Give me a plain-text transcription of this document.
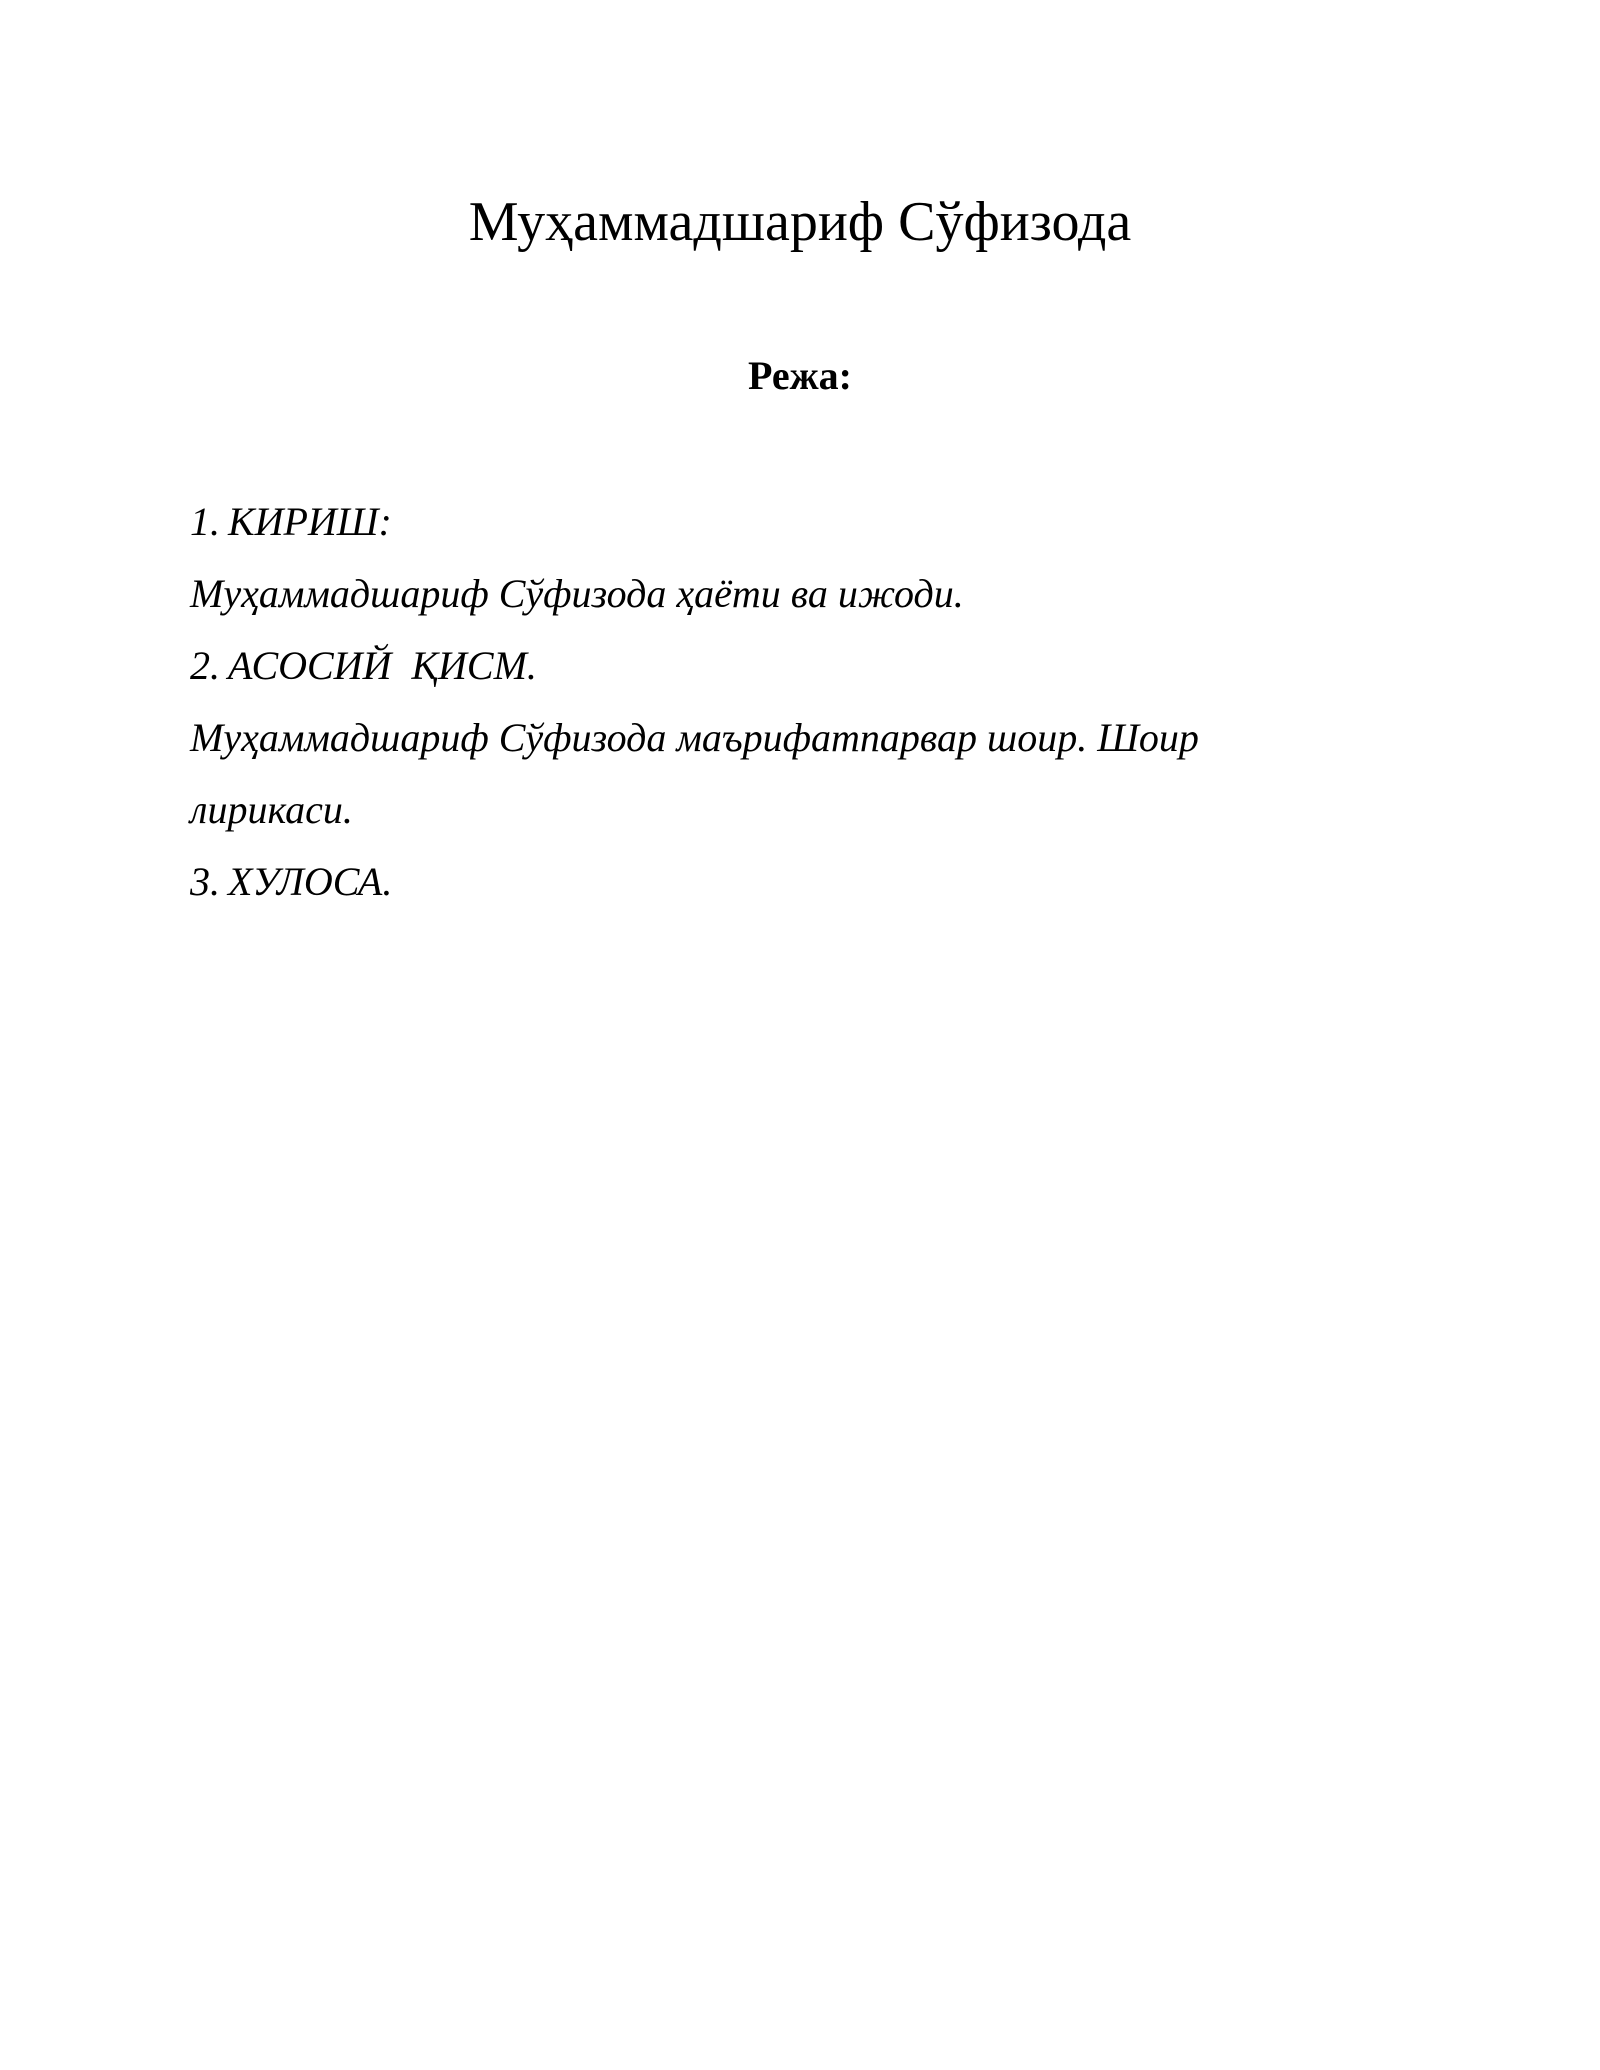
Муҳаммадшариф Сўфизода
Режа:
1. КИРИШ:
Муҳаммадшариф Сўфизода ҳаёти ва ижоди.
2. АСОСИЙ  ҚИСМ.
Муҳаммадшариф Сўфизода маърифатпарвар шоир. Шоир
лирикаси.
3. ХУЛОСА.
